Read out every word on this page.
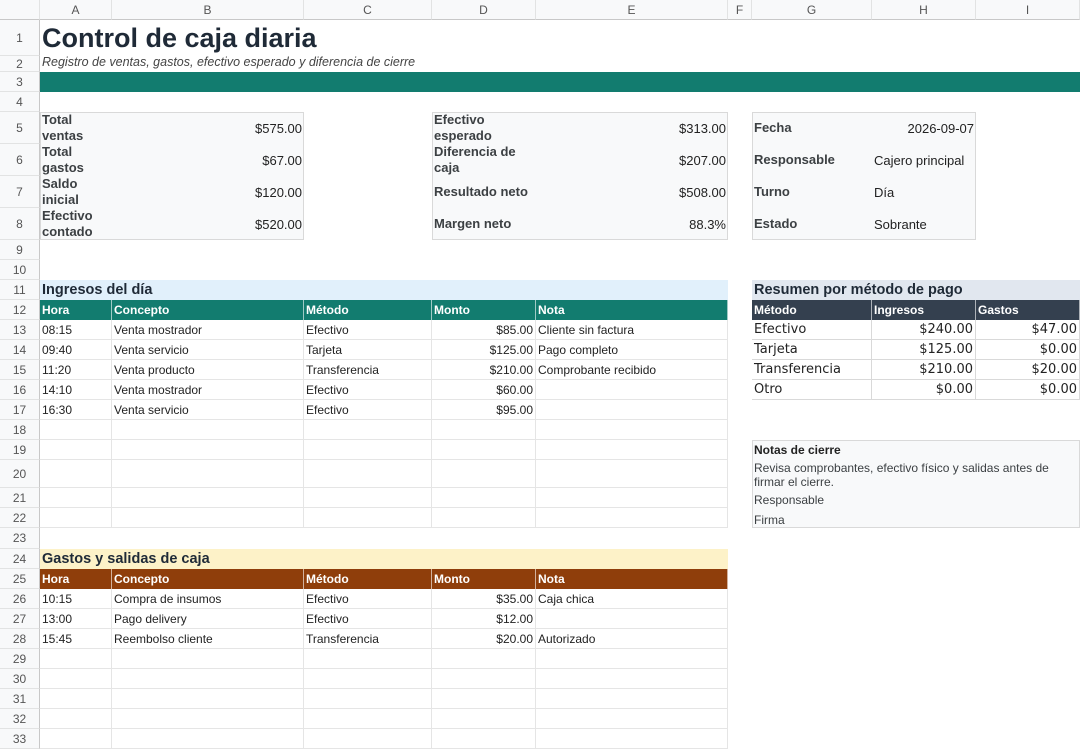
A	B	C	D	E	F	G	H	I
1
2
3
4
5
6
7
8
9
10
11
12
13
14
15
16
17
18
19
20
21
22
23
24
25
26
27
28
29
30
31
32
33
Control de caja diaria
Registro de ventas, gastos, efectivo esperado y diferencia de cierre
Total ventas	$575.00
Total gastos	$67.00
Saldo inicial	$120.00
Efectivo contado	$520.00
Efectivo esperado	$313.00
Diferencia de caja	$207.00
Resultado neto	$508.00
Margen neto	88.3%
Fecha	2026-09-07
Responsable	Cajero principal
Turno	Día
Estado	Sobrante
Ingresos del día
Gastos y salidas de caja
Resumen por método de pago
Hora	Concepto	Método	Monto	Nota
08:15	Venta mostrador	Efectivo	$85.00 Cliente sin factura
09:40	Venta servicio	Tarjeta	$125.00 Pago completo
11:20	Venta producto	Transferencia	$210.00 Comprobante recibido
14:10	Venta mostrador	Efectivo	$60.00
16:30	Venta servicio	Efectivo	$95.00
Hora	Concepto	Método	Monto	Nota
10:15	Compra de insumos	Efectivo	$35.00 Caja chica
13:00	Pago delivery	Efectivo	$12.00
15:45	Reembolso cliente	Transferencia	$20.00 Autorizado
Método	Ingresos	Gastos
Efectivo	$240.00	$47.00
Tarjeta	$125.00	$0.00
Transferencia	$210.00	$20.00
Otro	$0.00	$0.00
Notas de cierre
Revisa comprobantes, efectivo físico y salidas antes de firmar el cierre.
Responsable
Firma
